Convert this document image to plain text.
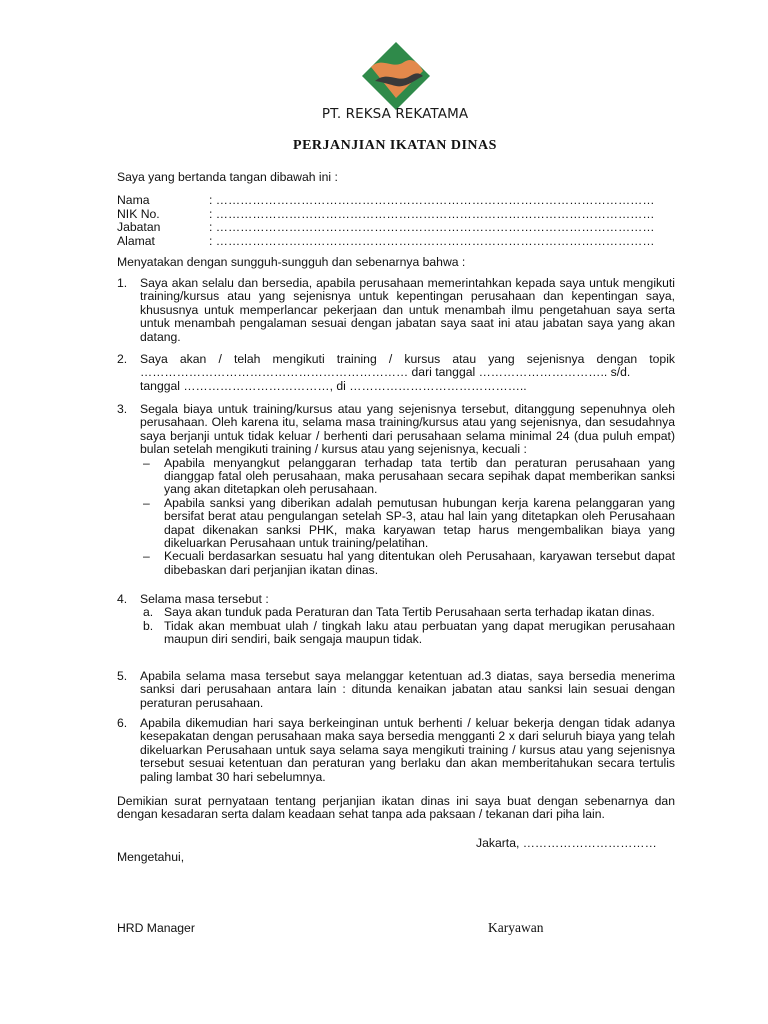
PT. REKSA REKATAMA
PERJANJIAN IKATAN DINAS
Saya yang bertanda tangan dibawah ini :
Nama	: ………………………………………………………………………………………………
NIK No.	: ………………………………………………………………………………………………
Jabatan	: ………………………………………………………………………………………………
Alamat	: ………………………………………………………………………………………………
Menyatakan dengan sungguh-sungguh dan sebenarnya bahwa :
1.	Saya akan selalu dan bersedia, apabila perusahaan memerintahkan kepada saya untuk mengikuti training/kursus atau yang sejenisnya untuk kepentingan perusahaan dan kepentingan saya, khususnya untuk memperlancar pekerjaan dan untuk menambah ilmu pengetahuan saya serta untuk menambah pengalaman sesuai dengan jabatan saya saat ini atau jabatan saya yang akan datang.
2.	Saya akan / telah mengikuti training / kursus atau yang sejenisnya dengan topik
………………………………………………………… dari tanggal ………………………….. s/d.
tanggal ………………………………, di ……………………………………..
3.	Segala biaya untuk training/kursus atau yang sejenisnya tersebut, ditanggung sepenuhnya oleh perusahaan. Oleh karena itu, selama masa training/kursus atau yang sejenisnya, dan sesudahnya saya berjanji untuk tidak keluar / berhenti dari perusahaan selama minimal 24 (dua puluh empat) bulan setelah mengikuti training / kursus atau yang sejenisnya, kecuali :
–	Apabila menyangkut pelanggaran terhadap tata tertib dan peraturan perusahaan yang dianggap fatal oleh perusahaan, maka perusahaan secara sepihak dapat memberikan sanksi yang akan ditetapkan oleh perusahaan.
–	Apabila sanksi yang diberikan adalah pemutusan hubungan kerja karena pelanggaran yang bersifat berat atau pengulangan setelah SP-3, atau hal lain yang ditetapkan oleh Perusahaan dapat dikenakan sanksi PHK, maka karyawan tetap harus mengembalikan biaya yang dikeluarkan Perusahaan untuk training/pelatihan.
–	Kecuali berdasarkan sesuatu hal yang ditentukan oleh Perusahaan, karyawan tersebut dapat dibebaskan dari perjanjian ikatan dinas.
4.	Selama masa tersebut :
a. Saya akan tunduk pada Peraturan dan Tata Tertib Perusahaan serta terhadap ikatan dinas.
b. Tidak akan membuat ulah / tingkah laku atau perbuatan yang dapat merugikan perusahaan maupun diri sendiri, baik sengaja maupun tidak.
5.	Apabila selama masa tersebut saya melanggar ketentuan ad.3 diatas, saya bersedia menerima sanksi dari perusahaan antara lain : ditunda kenaikan jabatan atau sanksi lain sesuai dengan peraturan perusahaan.
6.	Apabila dikemudian hari saya berkeinginan untuk berhenti / keluar bekerja dengan tidak adanya kesepakatan dengan perusahaan maka saya bersedia mengganti 2 x dari seluruh biaya yang telah dikeluarkan Perusahaan untuk saya selama saya mengikuti training / kursus atau yang sejenisnya tersebut sesuai ketentuan dan peraturan yang berlaku dan akan memberitahukan secara tertulis paling lambat 30 hari sebelumnya.
Demikian surat pernyataan tentang perjanjian ikatan dinas ini saya buat dengan sebenarnya dan dengan kesadaran serta dalam keadaan sehat tanpa ada paksaan / tekanan dari piha lain.
Jakarta, ……………………………
Mengetahui,
HRD Manager	Karyawan
